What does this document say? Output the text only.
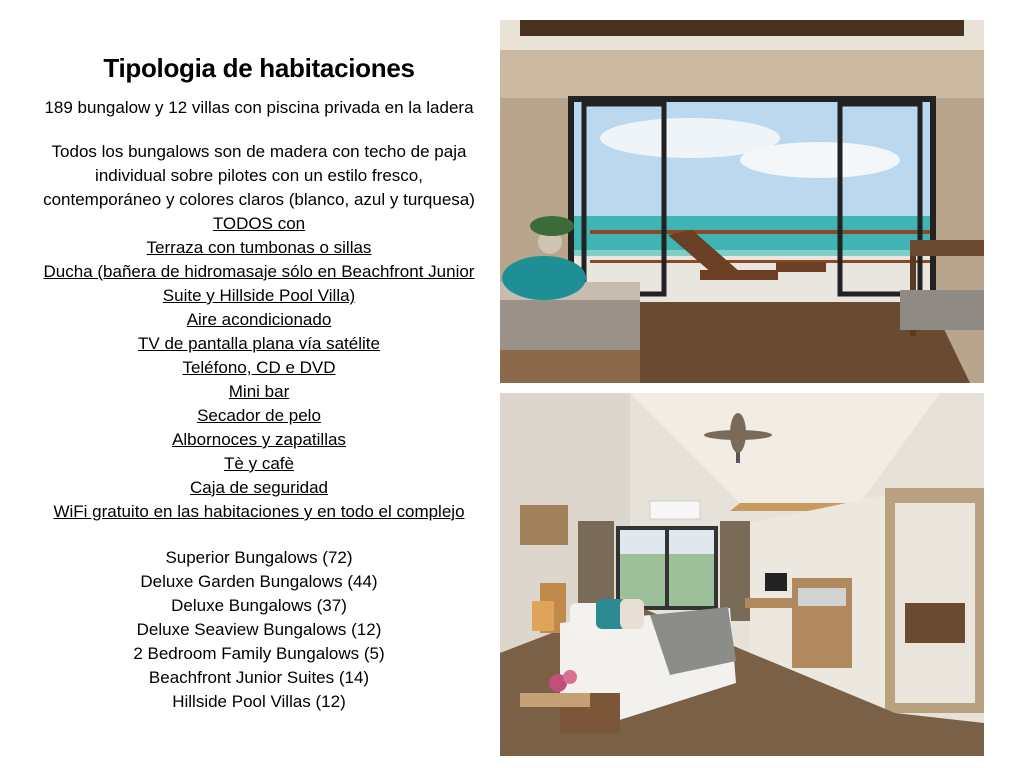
Tipologia de habitaciones

189 bungalow y 12 villas con piscina privada en la ladera

Todos los bungalows son de madera con techo de paja

individual sobre pilotes con un estilo fresco,

contemporáneo y colores claros (blanco, azul y turquesa)

TODOS con
Terraza con tumbonas o sillas
Ducha (bañera de hidromasaje sólo en Beachfront Junior
Suite y Hillside Pool Villa)
Aire acondicionado
TV de pantalla plana vía satélite
Teléfono, CD e DVD
Mini bar
Secador de pelo
Albornoces y zapatillas
Tè y cafè
Caja de seguridad
WiFi gratuito en las habitaciones y en todo el complejo
Superior Bungalows (72)
Deluxe Garden Bungalows (44)
Deluxe Bungalows (37)
Deluxe Seaview Bungalows (12)
2 Bedroom Family Bungalows (5)
Beachfront Junior Suites (14)
Hillside Pool Villas (12)
